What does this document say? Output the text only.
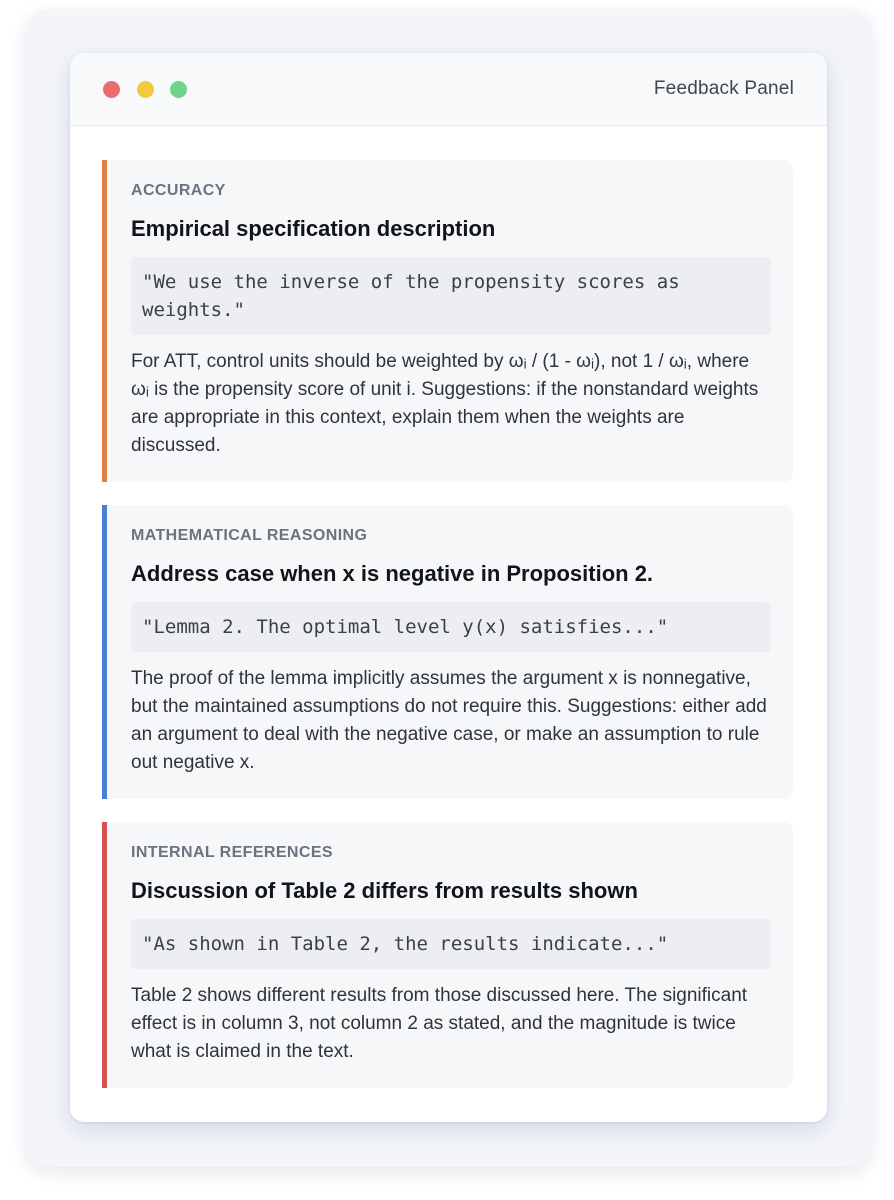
Feedback Panel

ACCURACY

Empirical specification description

"We use the inverse of the propensity scores as weights."
For ATT, control units should be weighted by ωᵢ / (1 - ωᵢ), not 1 / ωᵢ, where ωᵢ is the propensity score of unit i. Suggestions: if the nonstandard weights are appropriate in this context, explain them when the weights are discussed.

MATHEMATICAL REASONING

Address case when x is negative in Proposition 2.

"Lemma 2. The optimal level y(x) satisfies..."
The proof of the lemma implicitly assumes the argument x is nonnegative, but the maintained assumptions do not require this. Suggestions: either add an argument to deal with the negative case, or make an assumption to rule out negative x.

INTERNAL REFERENCES

Discussion of Table 2 differs from results shown

"As shown in Table 2, the results indicate..."
Table 2 shows different results from those discussed here. The significant effect is in column 3, not column 2 as stated, and the magnitude is twice what is claimed in the text.
